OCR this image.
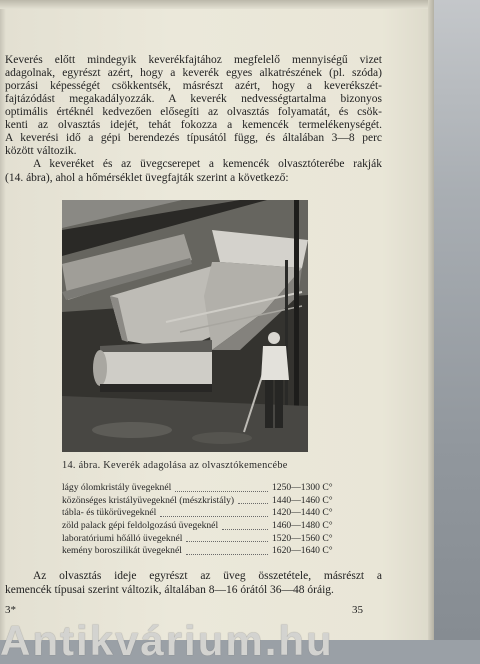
Keverés előtt mindegyik keverékfajtához megfelelő mennyiségű vizet
adagolnak, egyrészt azért, hogy a keverék egyes alkatrészének (pl. szóda)
porzási képességét csökkentsék, másrészt azért, hogy a keverékszét-
fajtázódást megakadályozzák. A keverék nedvességtartalma bizonyos
optimális értéknél kedvezően elősegíti az olvasztás folyamatát, és csök-
kenti az olvasztás idejét, tehát fokozza a kemencék termelékenységét.
A keverési idő a gépi berendezés típusától függ, és általában 3—8 perc
között változik.
A keveréket és az üvegcserepet a kemencék olvasztóterébe rakják
(14. ábra), ahol a hőmérséklet üvegfajták szerint a következő:
14. ábra. Keverék adagolása az olvasztókemencébe
lágy ólomkristály üvegeknél	1250—1300 C°
közönséges kristályüvegeknél (mészkristály)	1440—1460 C°
tábla- és tükörüvegeknél	1420—1440 C°
zöld palack gépi feldolgozású üvegeknél	1460—1480 C°
laboratóriumi hőálló üvegeknél	1520—1560 C°
kemény boroszilikát üvegeknél	1620—1640 C°
Az olvasztás ideje egyrészt az üveg összetétele, másrészt a
kemencék típusai szerint változik, általában 8—16 órától 36—48 óráig.
3*	35
Antikvárium.hu
